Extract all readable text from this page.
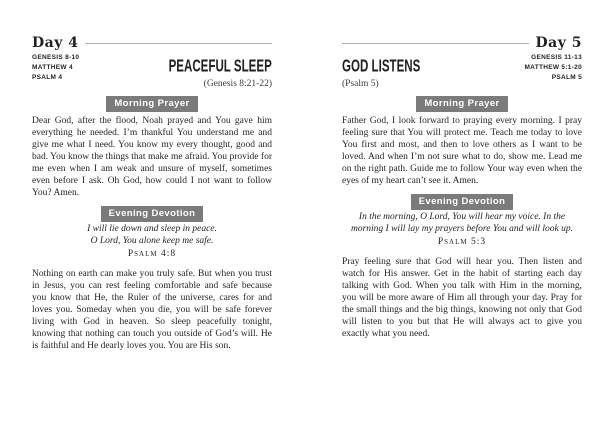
Day 4
GENESIS 8-10
MATTHEW 4
PSALM 4
PEACEFUL SLEEP
(Genesis 8:21-22)
Morning Prayer

Dear God, after the flood, Noah prayed and You gave him everything he needed. I’m thankful You understand me and give me what I need. You know my every thought, good and bad. You know the things that make me afraid. You provide for me even when I am weak and unsure of myself, sometimes even before I ask. Oh God, how could I not want to follow You? Amen.

Evening Devotion
I will lie down and sleep in peace.
O Lord, You alone keep me safe.
Psalm 4:8

Nothing on earth can make you truly safe. But when you trust in Jesus, you can rest feeling comfortable and safe because you know that He, the Ruler of the universe, cares for and loves you. Someday when you die, you will be safe forever living with God in heaven. So sleep peacefully tonight, knowing that nothing can touch you outside of God’s will. He is faithful and He dearly loves you. You are His son.

Day 5
GOD LISTENS
(Psalm 5)
GENESIS 11-13
MATTHEW 5:1-20
PSALM 5
Morning Prayer

Father God, I look forward to praying every morning. I pray feeling sure that You will protect me. Teach me today to love You first and most, and then to love others as I want to be loved. And when I’m not sure what to do, show me. Lead me on the right path. Guide me to follow Your way even when the eyes of my heart can’t see it. Amen.

Evening Devotion
In the morning, O Lord, You will hear my voice. In the
morning I will lay my prayers before You and will look up.
Psalm 5:3

Pray feeling sure that God will hear you. Then listen and watch for His answer. Get in the habit of starting each day talking with God. When you talk with Him in the morning, you will be more aware of Him all through your day. Pray for the small things and the big things, knowing not only that God will listen to you but that He will always act to give you exactly what you need.
